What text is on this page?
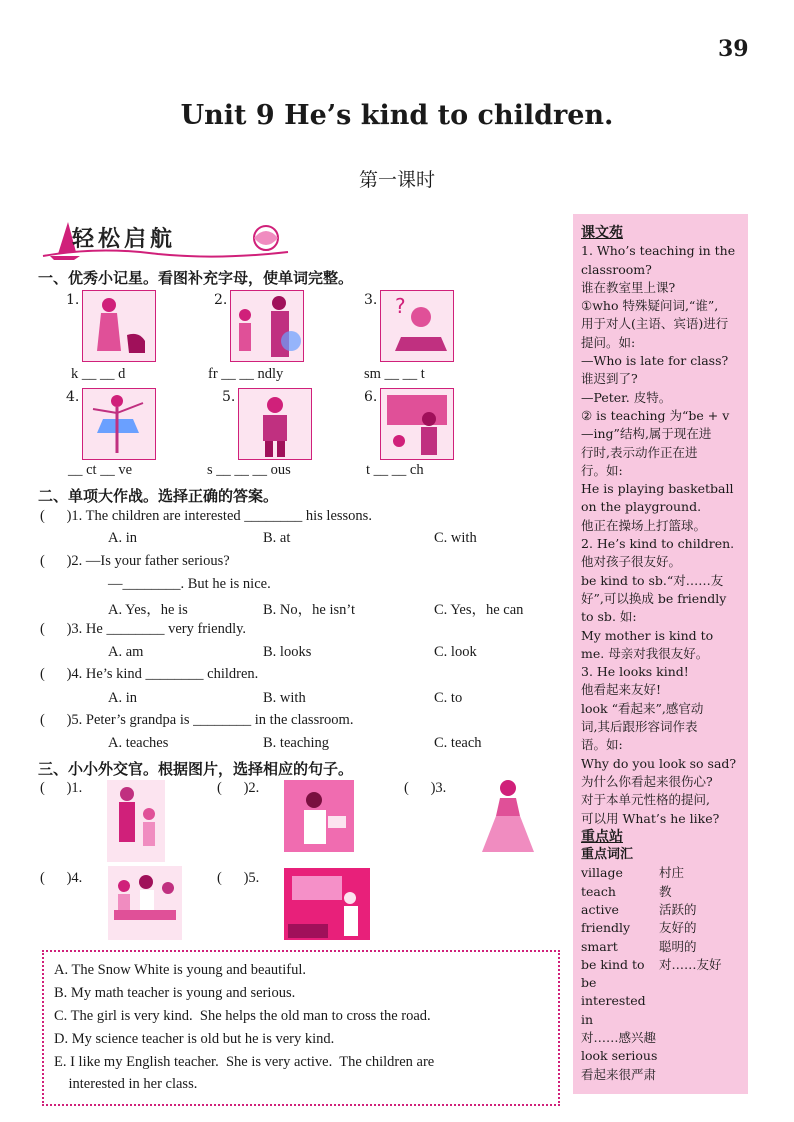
39
Unit 9 He’s kind to children.
第一课时
轻松启航
一、优秀小记星。看图补充字母，使单词完整。
1.	2.	3. ?
k __ __ d	fr __ __ ndly	sm __ __ t
4.	5.	6.
__ ct __ ve	s __ __ __ ous	t __ __ ch
二、单项大作战。选择正确的答案。
(      )1. The children are interested ________ his lessons.
A. in	B. at	C. with
(      )2. —Is your father serious?
—________. But he is nice.
A. Yes，he is	B. No，he isn’t	C. Yes，he can
(      )3. He ________ very friendly.
A. am	B. looks	C. look
(      )4. He’s kind ________ children.
A. in	B. with	C. to
(      )5. Peter’s grandpa is ________ in the classroom.
A. teaches	B. teaching	C. teach
三、小小外交官。根据图片，选择相应的句子。
(      )1.	(      )2.	(      )3.
(      )4.	(      )5.
A. The Snow White is young and beautiful.
B. My math teacher is young and serious.
C. The girl is very kind.  She helps the old man to cross the road.
D. My science teacher is old but he is very kind.
E. I like my English teacher.  She is very active.  The children are
interested in her class.
课文苑
1. Who’s teaching in the
classroom?
谁在教室里上课?
①who 特殊疑问词,“谁”,
用于对人(主语、宾语)进行
提问。如:
—Who is late for class?
谁迟到了?
—Peter. 皮特。
② is teaching 为“be + v
—ing”结构,属于现在进
行时,表示动作正在进
行。如:
He is playing basketball
on the playground.
他正在操场上打篮球。
2. He’s kind to children.
他对孩子很友好。
be kind to sb.“对……友
好”,可以换成 be friendly
to sb. 如:
My mother is kind to
me. 母亲对我很友好。
3. He looks kind!
他看起来友好!
look “看起来”,感官动
词,其后跟形容词作表
语。如:
Why do you look so sad?
为什么你看起来很伤心?
对于本单元性格的提问,
可以用 What’s he like?
重点站
重点词汇
village	村庄
teach	教
active	活跃的
friendly	友好的
smart	聪明的
be kind to	对……友好
be interested in
对……感兴趣
look serious
看起来很严肃
